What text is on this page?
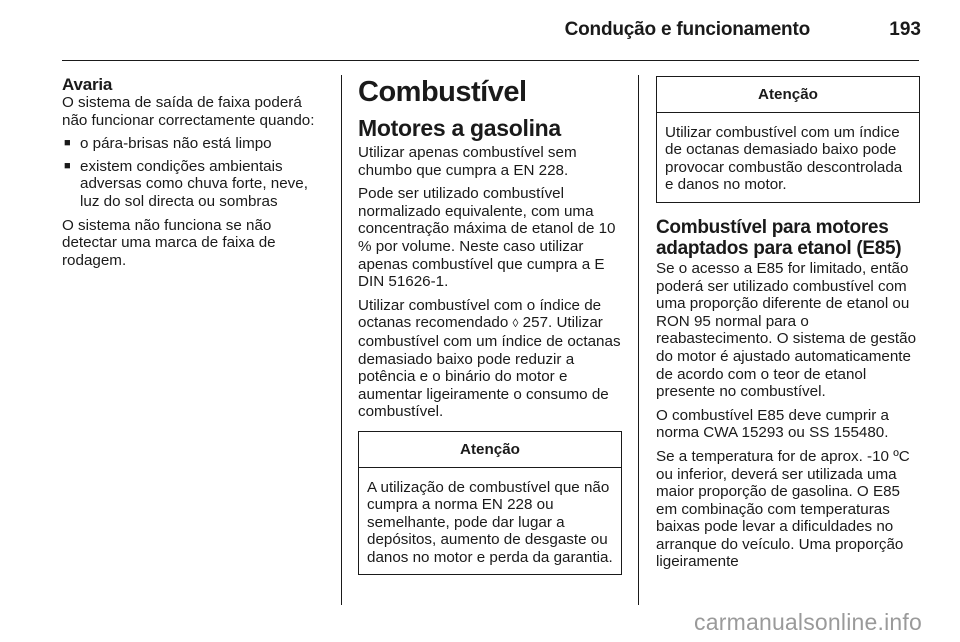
Condução e funcionamento	193
Avaria

O sistema de saída de faixa poderá não funcionar correctamente quando:

■ o pára-brisas não está limpo
■ existem condições ambientais adversas como chuva forte, neve, luz do sol directa ou sombras

O sistema não funciona se não detectar uma marca de faixa de rodagem.

Combustível
Motores a gasolina

Utilizar apenas combustível sem chumbo que cumpra a EN 228.

Pode ser utilizado combustível normalizado equivalente, com uma concentração máxima de etanol de 10 % por volume. Neste caso utilizar apenas combustível que cumpra a E DIN 51626-1.

Utilizar combustível com o índice de octanas recomendado ◊ 257. Utilizar combustível com um índice de octanas demasiado baixo pode reduzir a potência e o binário do motor e aumentar ligeiramente o consumo de combustível.

Atenção
A utilização de combustível que não cumpra a norma EN 228 ou semelhante, pode dar lugar a depósitos, aumento de desgaste ou danos no motor e perda da garantia.
Atenção
Utilizar combustível com um índice de octanas demasiado baixo pode provocar combustão descontrolada e danos no motor.
Combustível para motores adaptados para etanol (E85)

Se o acesso a E85 for limitado, então poderá ser utilizado combustível com uma proporção diferente de etanol ou RON 95 normal para o reabastecimento. O sistema de gestão do motor é ajustado automaticamente de acordo com o teor de etanol presente no combustível.

O combustível E85 deve cumprir a norma CWA 15293 ou SS 155480.

Se a temperatura for de aprox. -10 ºC ou inferior, deverá ser utilizada uma maior proporção de gasolina. O E85 em combinação com temperaturas baixas pode levar a dificuldades no arranque do veículo. Uma proporção ligeiramente

carmanualsonline.info
